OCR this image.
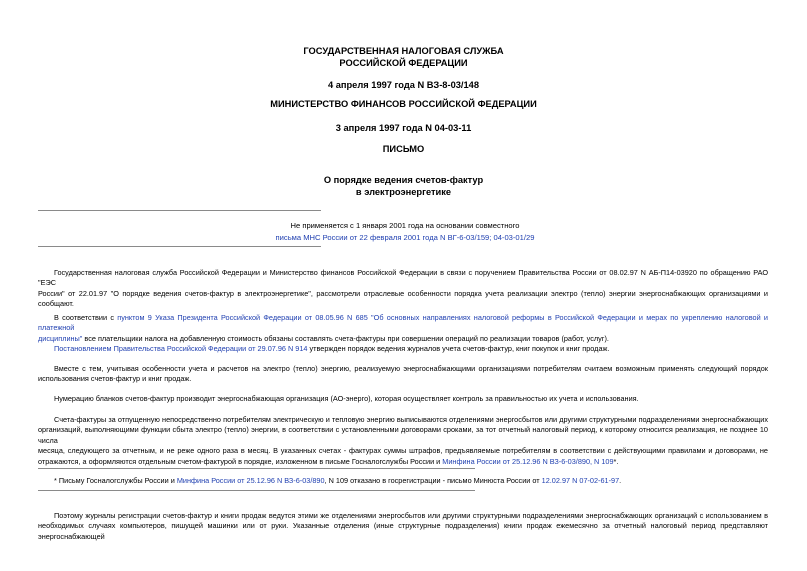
ГОСУДАРСТВЕННАЯ НАЛОГОВАЯ СЛУЖБА
РОССИЙСКОЙ ФЕДЕРАЦИИ
4 апреля 1997 года N ВЗ-8-03/148
МИНИСТЕРСТВО ФИНАНСОВ РОССИЙСКОЙ ФЕДЕРАЦИИ
3 апреля 1997 года N 04-03-11
ПИСЬМО
О порядке ведения счетов-фактур
в электроэнергетике
Не применяется с 1 января 2001 года на основании совместного
письма МНС России от 22 февраля 2001 года N ВГ-6-03/159; 04-03-01/29
Государственная налоговая служба Российской Федерации и Министерство финансов Российской Федерации в связи с поручением Правительства России от 08.02.97 N АБ-П14-03920 по обращению РАО "ЕЭС
России" от 22.01.97 "О порядке ведения счетов-фактур в электроэнергетике", рассмотрели отраслевые особенности порядка учета реализации электро (тепло) энергии энергоснабжающих организациями и
сообщают.
В соответствии с пунктом 9 Указа Президента Российской Федерации от 08.05.96 N 685 "Об основных направлениях налоговой реформы в Российской Федерации и мерах по укреплению налоговой и платежной
дисциплины" все плательщики налога на добавленную стоимость обязаны составлять счета-фактуры при совершении операций по реализации товаров (работ, услуг).
Постановлением Правительства Российской Федерации от 29.07.96 N 914 утвержден порядок ведения журналов учета счетов-фактур, книг покупок и книг продаж.
Вместе с тем, учитывая особенности учета и расчетов на электро (тепло) энергию, реализуемую энергоснабжающими организациями потребителям считаем возможным применять следующий порядок
использования счетов-фактур и книг продаж.
Нумерацию бланков счетов-фактур производит энергоснабжающая организация (АО-энерго), которая осуществляет контроль за правильностью их учета и использования.
Счета-фактуры за отпущенную непосредственно потребителям электрическую и тепловую энергию выписываются отделениями энергосбытов или другими структурными подразделениями энергоснабжающих
организаций, выполняющими функции сбыта электро (тепло) энергии, в соответствии с установленными договорами сроками, за тот отчетный налоговый период, к которому относится реализация, не позднее 10 числа
месяца, следующего за отчетным, и не реже одного раза в месяц. В указанных счетах - фактурах суммы штрафов, предъявляемые потребителям в соответствии с действующими правилами и договорами, не
отражаются, а оформляются отдельным счетом-фактурой в порядке, изложенном в письме Госналогслужбы России и Минфина России от 25.12.96 N ВЗ-6-03/890, N 109*.
* Письму Госналогслужбы России и Минфина России от 25.12.96 N ВЗ-6-03/890, N 109 отказано в госрегистрации - письмо Минюста России от 12.02.97 N 07-02-61-97.
Поэтому журналы регистрации счетов-фактур и книги продаж ведутся этими же отделениями энергосбытов или другими структурными подразделениями энергоснабжающих организаций с использованием в
необходимых случаях компьютеров, пишущей машинки или от руки. Указанные отделения (иные структурные подразделения) книги продаж ежемесячно за отчетный налоговый период представляют энергоснабжающей
